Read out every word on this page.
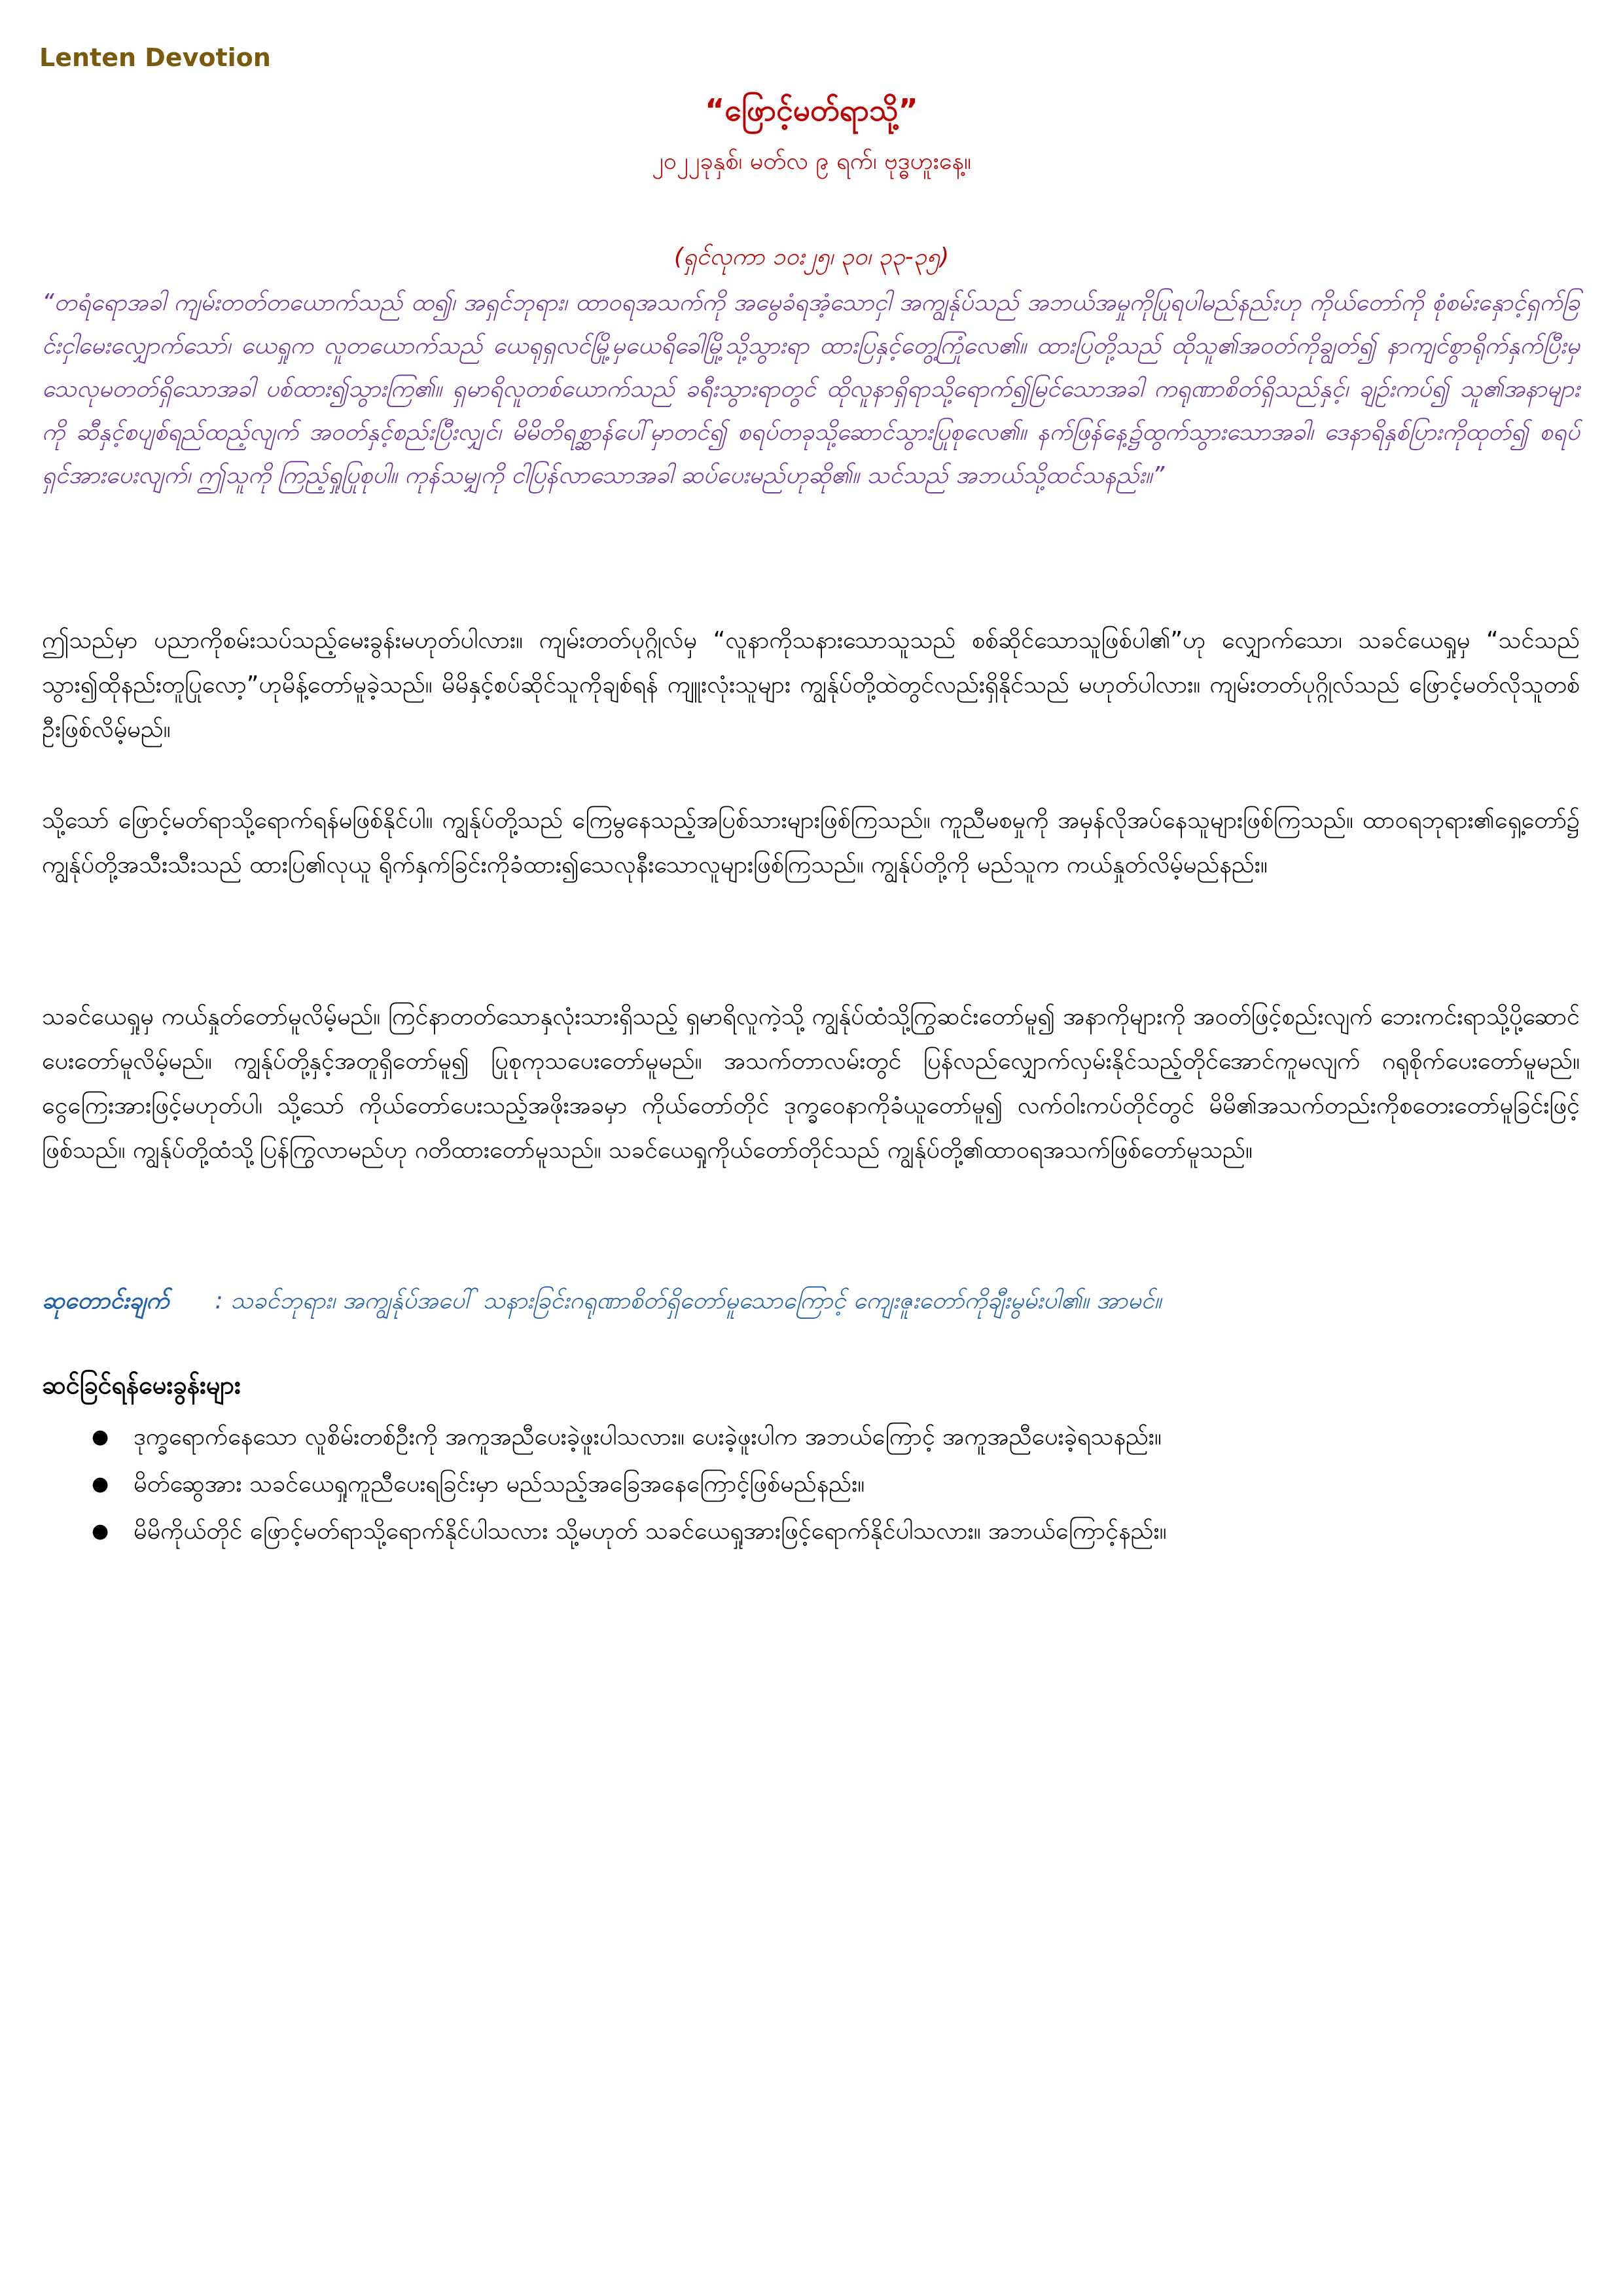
Lenten Devotion
“ဖြောင့်မတ်ရာသို့”
၂၀၂၂ခုနှစ်၊ မတ်လ ၉ ရက်၊ ဗုဒ္ဓဟူးနေ့။
(ရှင်လုကာ ၁၀း၂၅၊ ၃၀၊ ၃၃-၃၅)
“တရံရောအခါ ကျမ်းတတ်တယောက်သည် ထ၍၊ အရှင်ဘုရား၊ ထာဝရအသက်ကို အမွေခံရအံ့သောငှါ အကျွန်ုပ်သည် အဘယ်အမှုကိုပြုရပါမည်နည်းဟု ကိုယ်တော်ကို စုံစမ်းနှောင့်ရှက်ခြင်းငှါမေးလျှောက်သော်၊ ယေရှုက လူတယောက်သည် ယေရုရှလင်မြို့မှယေရိခေါမြို့သို့သွားရာ ထားပြနှင့်တွေ့ကြုံလေ၏။ ထားပြတို့သည် ထိုသူ၏အဝတ်ကိုချွတ်၍ နာကျင်စွာရိုက်နှက်ပြီးမှသေလုမတတ်ရှိသောအခါ ပစ်ထား၍သွားကြ၏။ ရှမာရိလူတစ်ယောက်သည် ခရီးသွားရာတွင် ထိုလူနာရှိရာသို့ရောက်၍မြင်သောအခါ ကရုဏာစိတ်ရှိသည်နှင့်၊ ချဉ်းကပ်၍ သူ၏အနာများကို ဆီနှင့်စပျစ်ရည်ထည့်လျက် အဝတ်နှင့်စည်းပြီးလျှင်၊ မိမိတိရစ္ဆာန်ပေါ်မှာတင်၍ စရပ်တခုသို့ဆောင်သွားပြုစုလေ၏။ နက်ဖြန်နေ့၌ထွက်သွားသောအခါ၊ ဒေနာရိနှစ်ပြားကိုထုတ်၍ စရပ်ရှင်အားပေးလျက်၊ ဤသူကို ကြည့်ရှုပြုစုပါ။ ကုန်သမျှကို ငါပြန်လာသောအခါ ဆပ်ပေးမည်ဟုဆို၏။ သင်သည် အဘယ်သို့ထင်သနည်း။”
ဤသည်မှာ ပညာကိုစမ်းသပ်သည့်မေးခွန်းမဟုတ်ပါလား။ ကျမ်းတတ်ပုဂ္ဂိုလ်မှ “လူနာကိုသနားသောသူသည် စစ်ဆိုင်သောသူဖြစ်ပါ၏”ဟု လျှောက်သော၊ သခင်ယေရှုမှ “သင်သည်သွား၍ထိုနည်းတူပြုလော့”ဟုမိန့်တော်မူခဲ့သည်။ မိမိနှင့်စပ်ဆိုင်သူကိုချစ်ရန် ကျူးလုံးသူများ ကျွန်ုပ်တို့ထဲတွင်လည်းရှိနိုင်သည် မဟုတ်ပါလား။ ကျမ်းတတ်ပုဂ္ဂိုလ်သည် ဖြောင့်မတ်လိုသူတစ်ဦးဖြစ်လိမ့်မည်။
သို့သော် ဖြောင့်မတ်ရာသို့ရောက်ရန်မဖြစ်နိုင်ပါ။ ကျွန်ုပ်တို့သည် ကြေမွနေသည့်အပြစ်သားများဖြစ်ကြသည်။ ကူညီမစမှုကို အမှန်လိုအပ်နေသူများဖြစ်ကြသည်။ ထာဝရဘုရား၏ရှေ့တော်၌ ကျွန်ုပ်တို့အသီးသီးသည် ထားပြ၏လုယူ ရိုက်နှက်ခြင်းကိုခံထား၍သေလုနီးသောလူများဖြစ်ကြသည်။ ကျွန်ုပ်တို့ကို မည်သူက ကယ်နှုတ်လိမ့်မည်နည်း။
သခင်ယေရှုမှ ကယ်နှုတ်တော်မူလိမ့်မည်။ ကြင်နာတတ်သောနှလုံးသားရှိသည့် ရှမာရိလူကဲ့သို့ ကျွန်ုပ်ထံသို့ကြွဆင်းတော်မူ၍ အနာကိုများကို အဝတ်ဖြင့်စည်းလျက် ဘေးကင်းရာသို့ပို့ဆောင်ပေးတော်မူလိမ့်မည်။ ကျွန်ုပ်တို့နှင့်အတူရှိတော်မူ၍ ပြုစုကုသပေးတော်မူမည်။ အသက်တာလမ်းတွင် ပြန်လည်လျှောက်လှမ်းနိုင်သည့်တိုင်အောင်ကူမလျက် ဂရုစိုက်ပေးတော်မူမည်။ ငွေကြေးအားဖြင့်မဟုတ်ပါ၊ သို့သော် ကိုယ်တော်ပေးသည့်အဖိုးအခမှာ ကိုယ်တော်တိုင် ဒုက္ခဝေနာကိုခံယူတော်မူ၍ လက်ဝါးကပ်တိုင်တွင် မိမိ၏အသက်တည်းကိုစတေးတော်မူခြင်းဖြင့်ဖြစ်သည်။ ကျွန်ုပ်တို့ထံသို့ပြန်ကြွလာမည်ဟု ဂတိထားတော်မူသည်။ သခင်ယေရှုကိုယ်တော်တိုင်သည် ကျွန်ုပ်တို့၏ထာဝရအသက်ဖြစ်တော်မူသည်။
ဆုတောင်းချက် : သခင်ဘုရား၊ အကျွန်ုပ်အပေါ် သနားခြင်းဂရုဏာစိတ်ရှိတော်မူသောကြောင့် ကျေးဇူးတော်ကိုချီးမွမ်းပါ၏။ အာမင်။
ဆင်ခြင်ရန်မေးခွန်းများ
● ဒုက္ခရောက်နေသော လူစိမ်းတစ်ဦးကို အကူအညီပေးခဲ့ဖူးပါသလား။ ပေးခဲ့ဖူးပါက အဘယ်ကြောင့် အကူအညီပေးခဲ့ရသနည်း။
● မိတ်ဆွေအား သခင်ယေရှုကူညီပေးရခြင်းမှာ မည်သည့်အခြေအနေကြောင့်ဖြစ်မည်နည်း။
● မိမိကိုယ်တိုင် ဖြောင့်မတ်ရာသို့ရောက်နိုင်ပါသလား သို့မဟုတ် သခင်ယေရှုအားဖြင့်ရောက်နိုင်ပါသလား။ အဘယ်ကြောင့်နည်း။
